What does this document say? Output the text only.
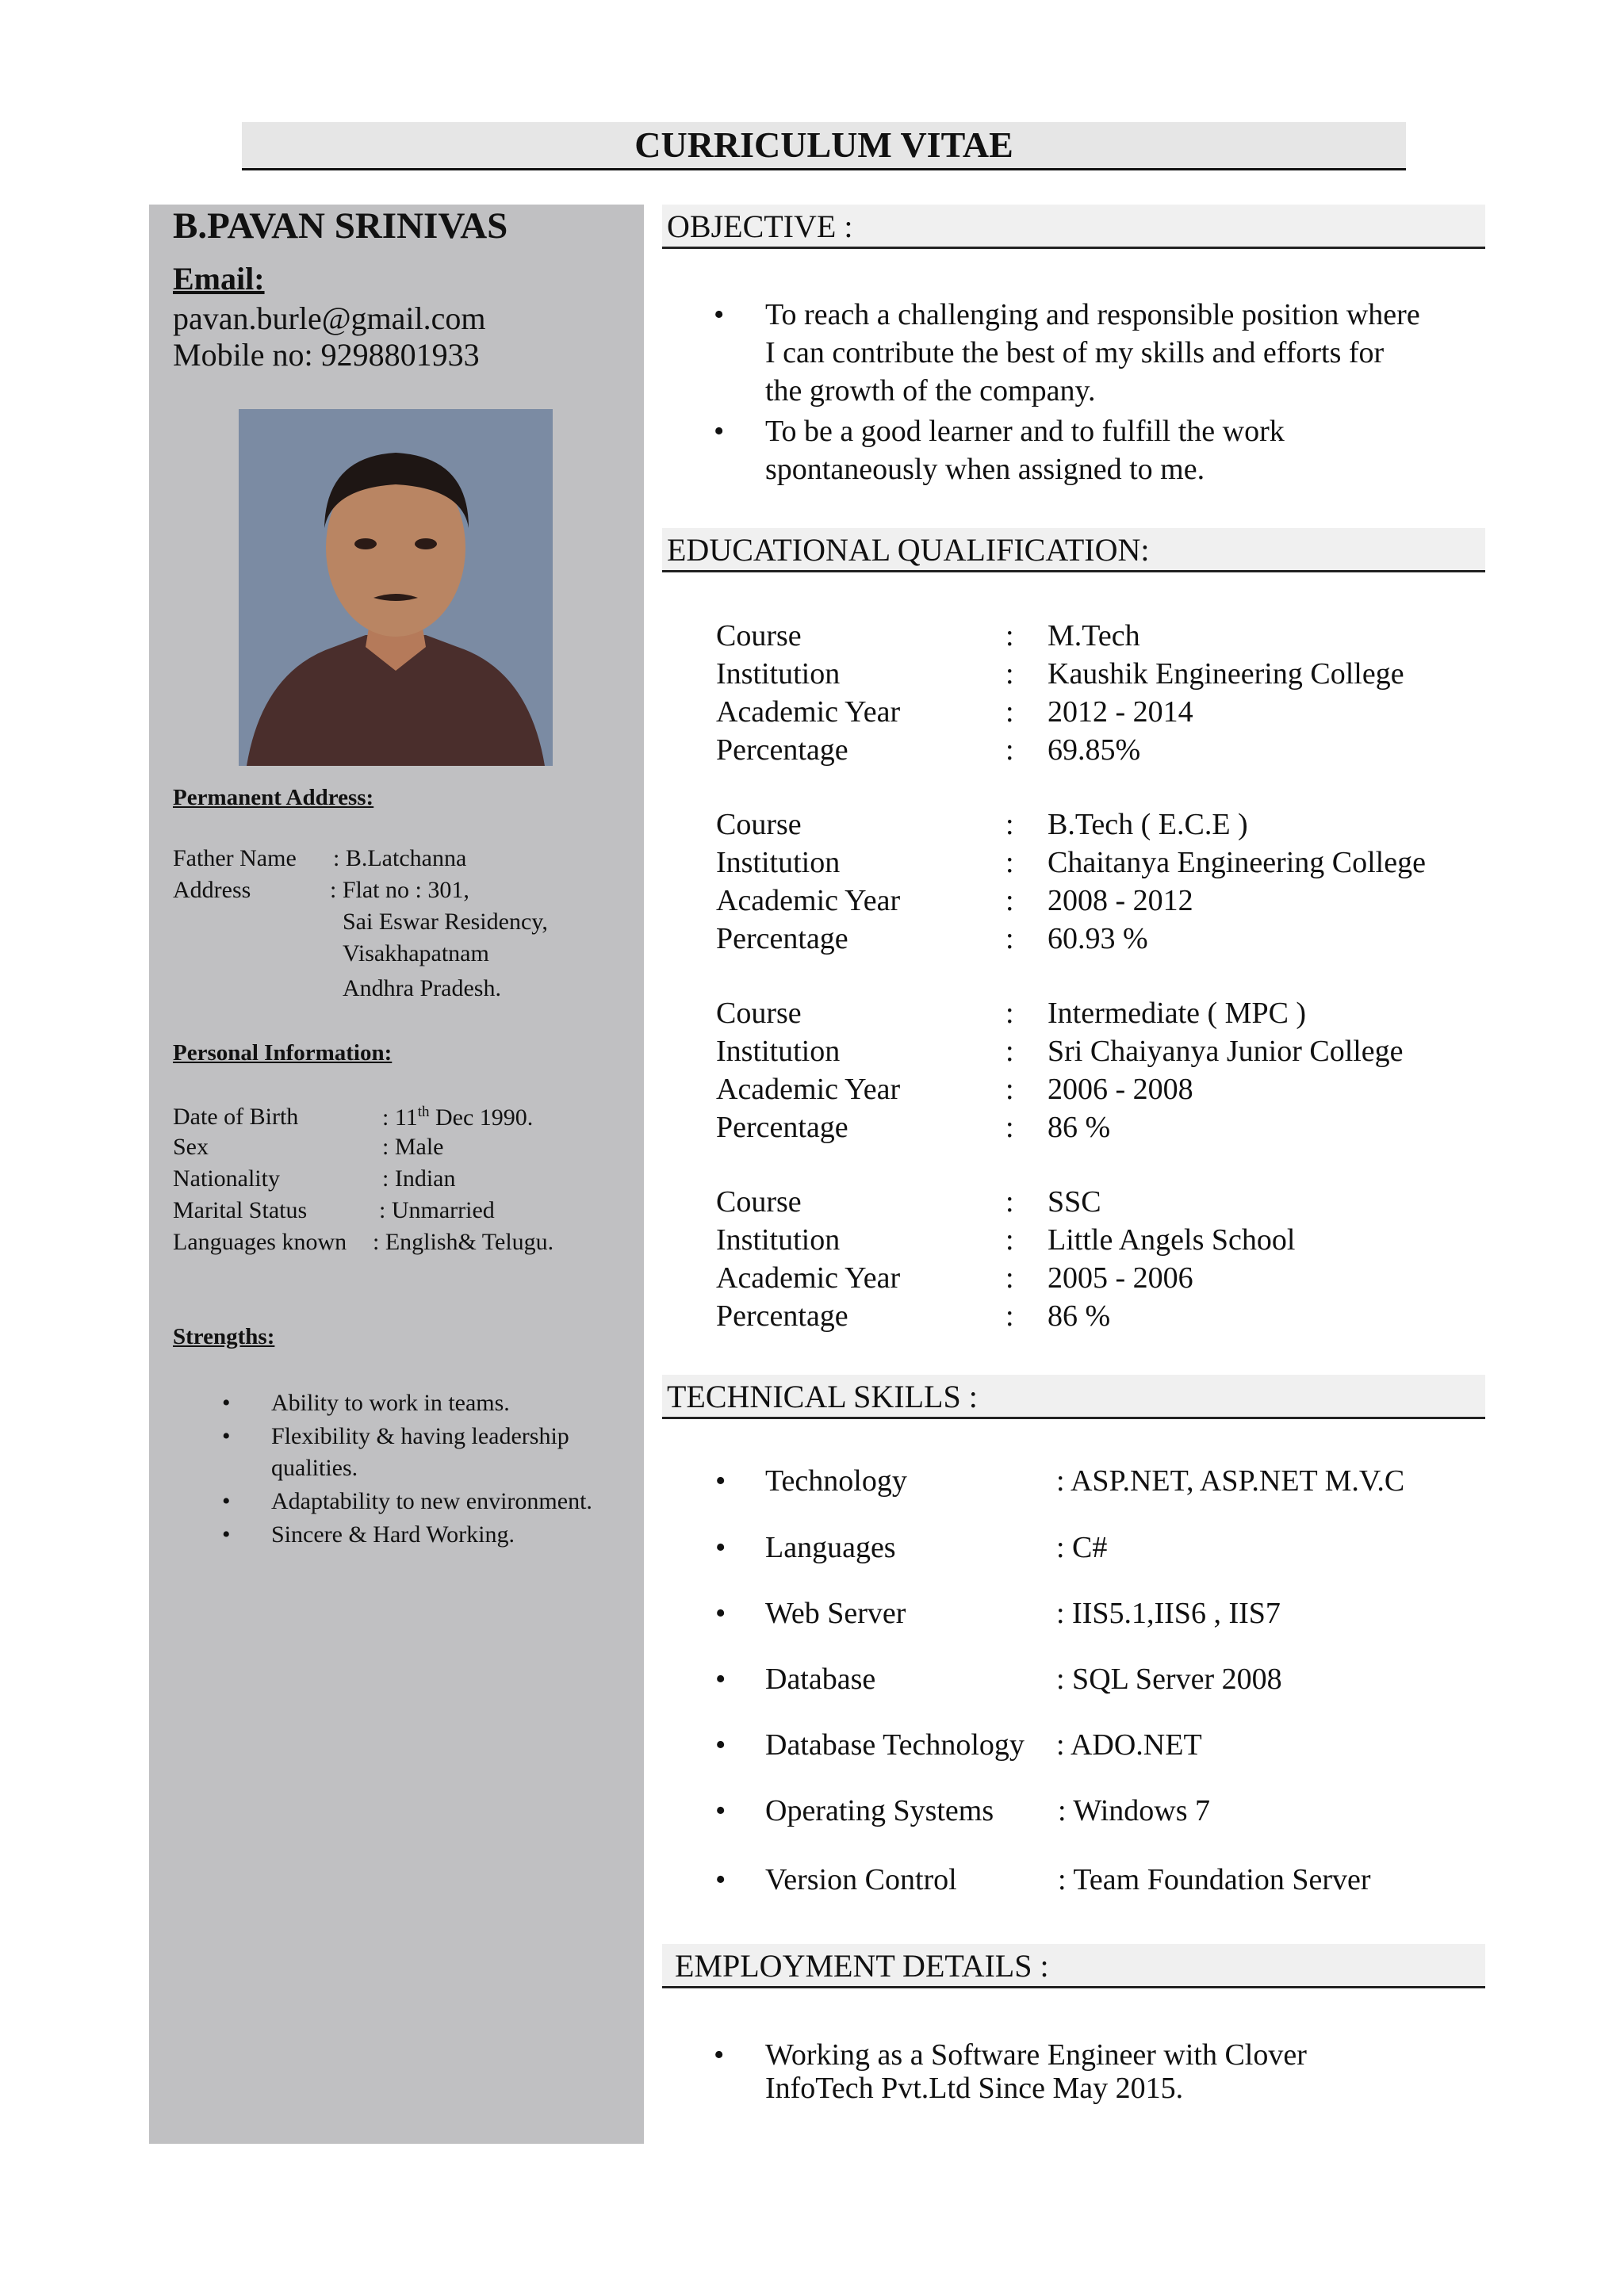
CURRICULUM VITAE
B.PAVAN SRINIVAS
Email:
pavan.burle@gmail.com
Mobile no: 9298801933
Permanent Address:
Father Name : B.Latchanna
Address	: Flat no : 301,
Sai Eswar Residency,
Visakhapatnam
Andhra Pradesh.
Personal Information:
Date of Birth	: 11th Dec 1990.
Sex	: Male
Nationality	: Indian
Marital Status	: Unmarried
Languages known : English& Telugu.
Strengths:
• Ability to work in teams.
• Flexibility & having leadership qualities.
• Adaptability to new environment.
• Sincere & Hard Working.
OBJECTIVE :
• To reach a challenging and responsible position where
I can contribute the best of my skills and efforts for
the growth of the company.
• To be a good learner and to fulfill the work
spontaneously when assigned to me.
EDUCATIONAL QUALIFICATION:
Course	: M.Tech
Institution	: Kaushik Engineering College
Academic Year	: 2012 - 2014
Percentage	: 69.85%
Course	: B.Tech ( E.C.E )
Institution	: Chaitanya Engineering College
Academic Year	: 2008 - 2012
Percentage	: 60.93 %
Course	: Intermediate ( MPC )
Institution	: Sri Chaiyanya Junior College
Academic Year	: 2006 - 2008
Percentage	: 86 %
Course	: SSC
Institution	: Little Angels School
Academic Year	: 2005 - 2006
Percentage	: 86 %
TECHNICAL SKILLS :
• Technology	: ASP.NET, ASP.NET M.V.C
• Languages	: C#
• Web Server	: IIS5.1,IIS6 , IIS7
• Database	: SQL Server 2008
• Database Technology : ADO.NET
• Operating Systems : Windows 7
• Version Control	: Team Foundation Server
EMPLOYMENT DETAILS :
• Working as a Software Engineer with Clover
InfoTech Pvt.Ltd Since May 2015.
